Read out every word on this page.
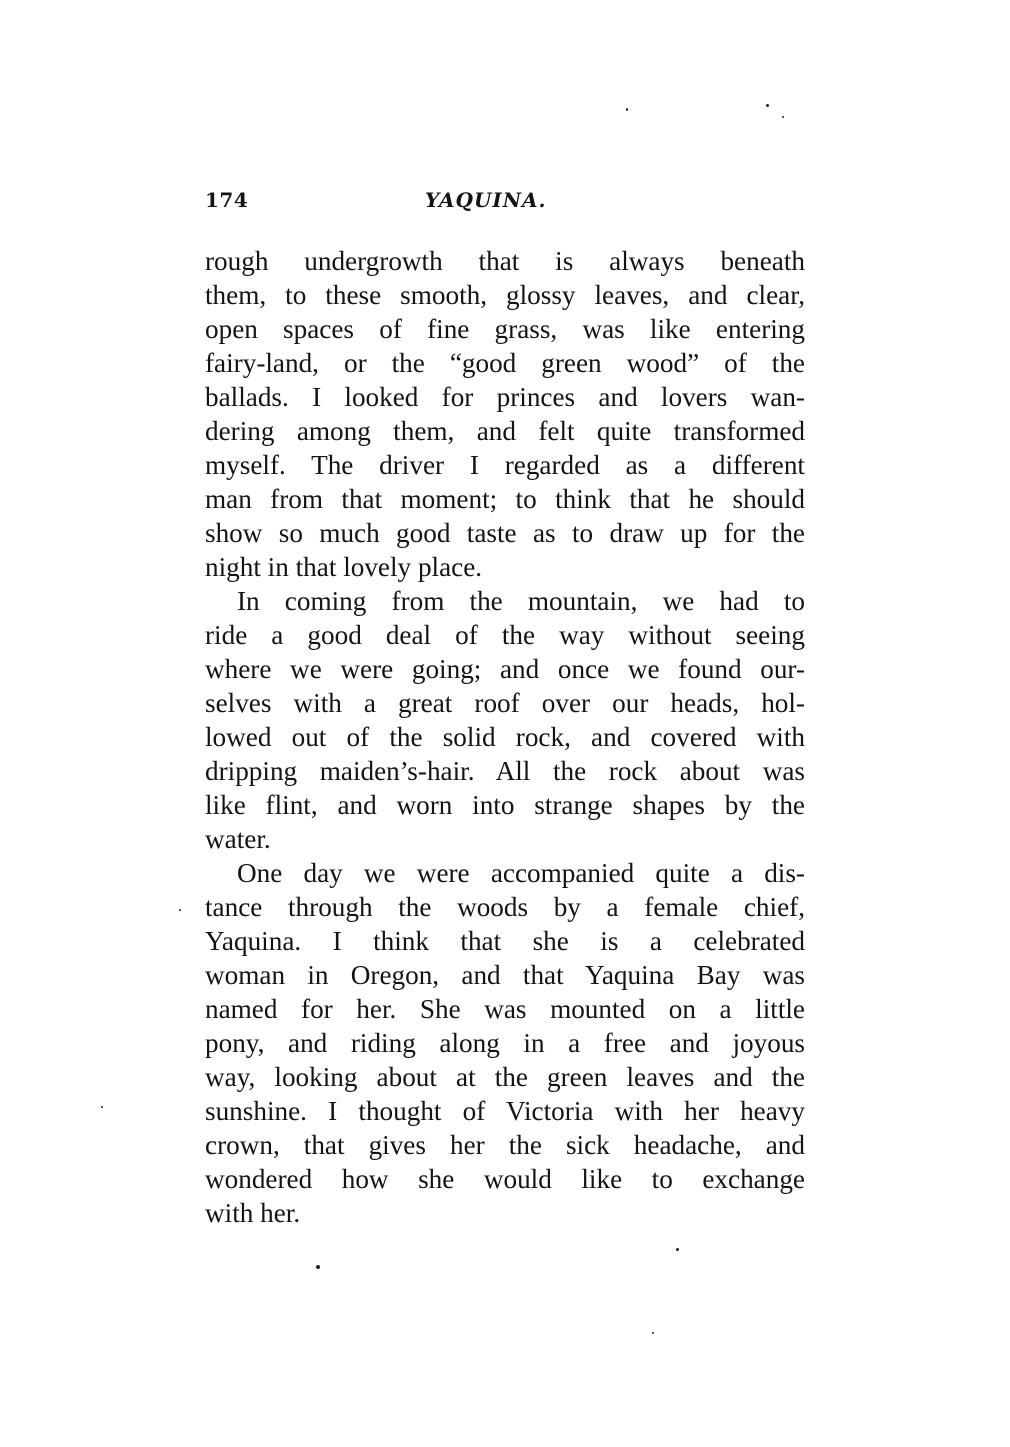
174	YAQUINA.
rough undergrowth that is always beneath
them, to these smooth, glossy leaves, and clear,
open spaces of fine grass, was like entering
fairy-land, or the “good green wood” of the
ballads. I looked for princes and lovers wan-
dering among them, and felt quite transformed
myself. The driver I regarded as a different
man from that moment; to think that he should
show so much good taste as to draw up for the
night in that lovely place.
In coming from the mountain, we had to
ride a good deal of the way without seeing
where we were going; and once we found our-
selves with a great roof over our heads, hol-
lowed out of the solid rock, and covered with
dripping maiden’s-hair. All the rock about was
like flint, and worn into strange shapes by the
water.
One day we were accompanied quite a dis-
tance through the woods by a female chief,
Yaquina. I think that she is a celebrated
woman in Oregon, and that Yaquina Bay was
named for her. She was mounted on a little
pony, and riding along in a free and joyous
way, looking about at the green leaves and the
sunshine. I thought of Victoria with her heavy
crown, that gives her the sick headache, and
wondered how she would like to exchange
with her.
